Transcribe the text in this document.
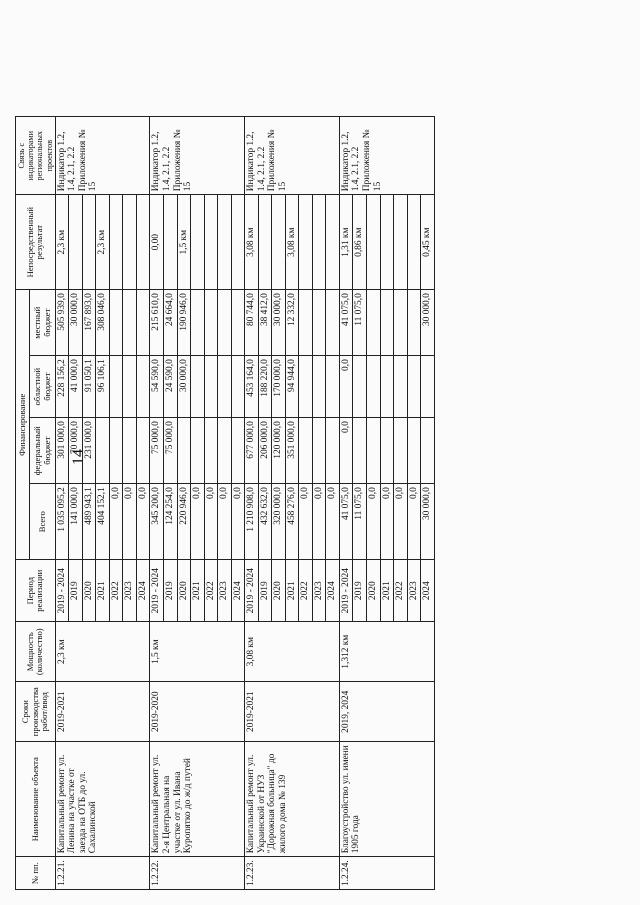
14
№ пп.	Наименование объекта	Сроки производства работ/ввод	Мощность (количество)	Период реализации	Финансирование				Непосредственный результат	Связь с индикаторами региональных проектов
					Всего	федеральный бюджет	областной бюджет	местный бюджет		
1.2.21.	Капитальный ремонт ул. Ленина на участке от заезда на ОТБ до ул. Сахалинской	2019-2021	2,3 км	2019 - 2024	1 035 095,2	301 000,0	228 156,2	505 939,0	2,3 км	Индикатор 1.2, 1.4, 2.1, 2.2 Приложения № 15
				2019	141 000,0	70 000,0	41 000,0	30 000,0		
				2020	489 943,1	231 000,0	91 050,1	167 893,0		
				2021	404 152,1		96 106,1	308 046,0	2,3 км	
				2022	0,0					
				2023	0,0					
				2024	0,0					
1.2.22.	Капитальный ремонт ул. 2-я Центральная на участке от ул. Ивана Куропятко до ж/д путей	2019-2020	1,5 км	2019 - 2024	345 200,0	75 000,0	54 590,0	215 610,0	0,00	Индикатор 1.2, 1.4, 2.1, 2.2 Приложения № 15
				2019	124 254,0	75 000,0	24 590,0	24 664,0		
				2020	220 946,0		30 000,0	190 946,0	1,5 км	
				2021	0,0					
				2022	0,0					
				2023	0,0					
				2024	0,0					
1.2.23.	Капитальный ремонт ул. Украинской от НУЗ "Дорожная больница" до жилого дома № 139	2019-2021	3,08 км	2019 - 2024	1 210 908,0	677 000,0	453 164,0	80 744,0	3,08 км	Индикатор 1.2, 1.4, 2.1, 2.2 Приложения № 15
				2019	432 632,0	206 000,0	188 220,0	38 412,0		
				2020	320 000,0	120 000,0	170 000,0	30 000,0		
				2021	458 276,0	351 000,0	94 944,0	12 332,0	3,08 км	
				2022	0,0					
				2023	0,0					
				2024	0,0					
1.2.24.	Благоустройство ул. имени 1905 года	2019, 2024	1,312 км	2019 - 2024	41 075,0	0,0	0,0	41 075,0	1,31 км	Индикатор 1.2, 1.4, 2.1, 2.2 Приложения № 15
				2019	11 075,0			11 075,0	0,86 км	
				2020	0,0					
				2021	0,0					
				2022	0,0					
				2023	0,0					
				2024	30 000,0			30 000,0	0,45 км	
